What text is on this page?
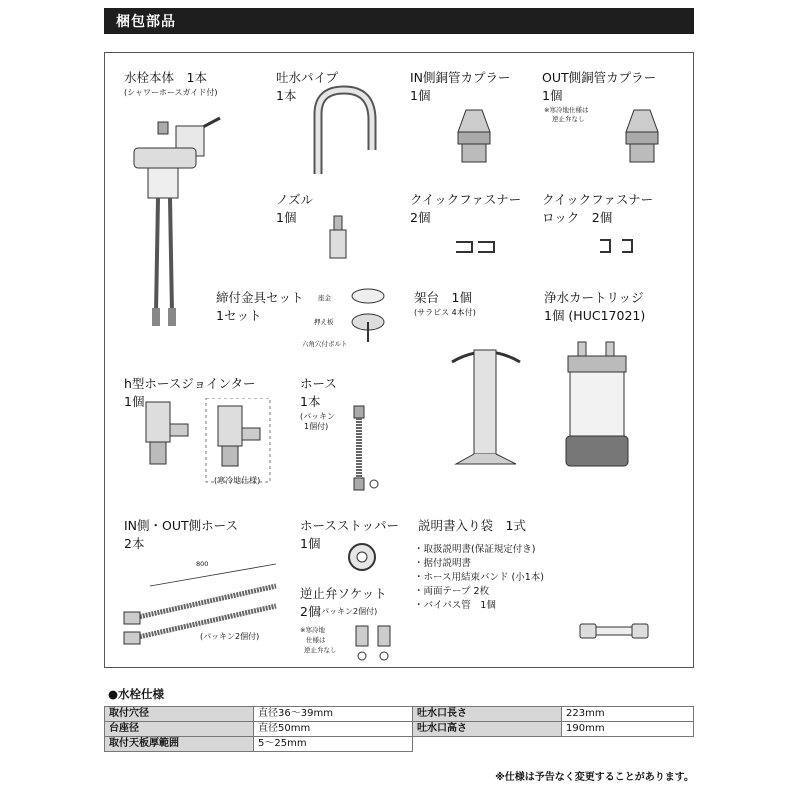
梱包部品
水栓本体　1本
(シャワーホースガイド付)
吐水パイプ
1本
IN側銅管カプラー
1個
OUT側銅管カプラー
1個
※寒冷地仕様は
逆止弁なし
ノズル
1個
クイックファスナー
2個
クイックファスナー
ロック　2個
締付金具セット
1セット
座金
押え板
六角穴付ボルト
架台　1個
(サラビス 4本付)
浄水カートリッジ
1個 (HUC17021)
h型ホースジョインター
1個
(寒冷地仕様)
ホース
1本
(パッキン
1個付)
IN側・OUT側ホース
2本
800
(パッキン2個付)
ホースストッパー
1個
逆止弁ソケット
2個
(パッキン2個付)
※寒冷地
仕様は
逆止弁なし
説明書入り袋　1式
・取扱説明書(保証規定付き)
・据付説明書
・ホース用結束バンド (小1本)
・両面テープ 2枚
・バイパス管　1個
●水栓仕様
取付穴径	直径36～39mm	吐水口長さ	223mm
台座径	直径50mm	吐水口高さ	190mm
取付天板厚範囲	5～25mm		
※仕様は予告なく変更することがあります。
